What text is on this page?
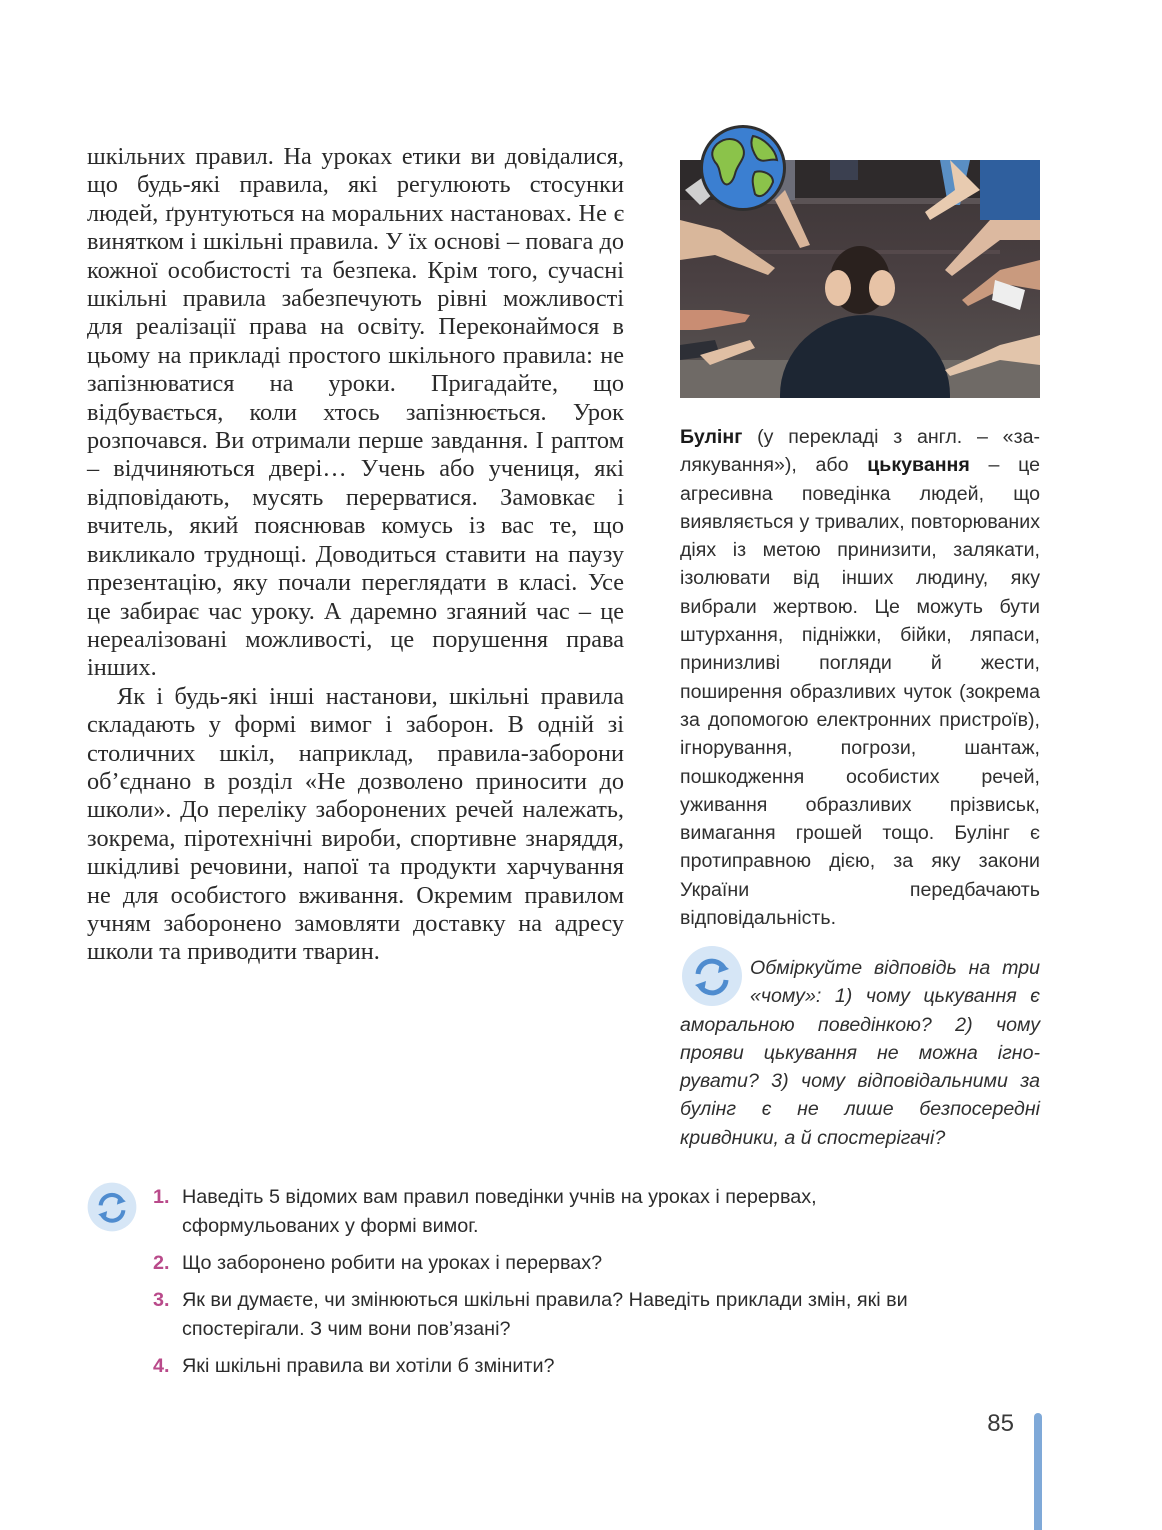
шкільних правил. На уроках етики ви довідалися, що будь-які правила, які регулюють стосунки людей, ґрунтуються на моральних настановах. Не є винятком і шкільні правила. У їх основі – повага до кожної особистості та безпека. Крім того, сучасні шкільні правила забезпечують рівні можливості для реалізації права на освіту. Переконаймося в цьому на прикладі простого шкільного правила: не запізнюватися на уроки. Пригадайте, що відбувається, коли хтось запізнюється. Урок розпочався. Ви отримали перше завдання. І раптом – відчиняються двері… Учень або учениця, які відповідають, мусять перерватися. Замовкає і вчитель, який пояснював комусь із вас те, що викликало труднощі. Доводиться ставити на паузу презентацію, яку почали переглядати в класі. Усе це забирає час уроку. А даремно згаяний час – це нереалізовані можливості, це порушення права інших.

Як і будь-які інші настанови, шкільні правила складають у формі вимог і заборон. В одній зі столичних шкіл, наприклад, правила-заборони об’єднано в розділ «Не дозволено приносити до школи». До переліку заборонених речей належать, зокрема, піротехнічні вироби, спортивне знаряддя, шкідливі речовини, напої та продукти харчування не для особистого вживання. Окремим правилом учням заборонено замовляти доставку на адресу школи та приводити тварин.

Булінг (у перекладі з англ. – «залякування»), або цькування – це агресивна поведінка людей, що виявляється у тривалих, повторюваних діях із метою принизити, залякати, ізолювати від інших людину, яку вибрали жертвою. Це можуть бути штурхання, підніжки, бійки, ляпаси, принизливі погляди й жести, поширення образливих чуток (зокрема за допомогою електронних пристроїв), ігнорування, погрози, шантаж, пошкодження особистих речей, уживання образливих прізвиськ, вимагання грошей тощо. Булінг є протиправною дією, за яку закони України передбачають відповідальність.
Обміркуйте відповідь на три «чому»: 1) чому цькування є аморальною поведінкою? 2) чому прояви цькування не можна ігнорувати? 3) чому відповідальними за булінг є не лише безпосередні кривдники, а й спостерігачі?
1. Наведіть 5 відомих вам правил поведінки учнів на уроках і перервах, сформульованих у формі вимог.
2. Що заборонено робити на уроках і перервах?
3. Як ви думаєте, чи змінюються шкільні правила? Наведіть приклади змін, які ви спостерігали. З чим вони пов’язані?
4. Які шкільні правила ви хотіли б змінити?
85
